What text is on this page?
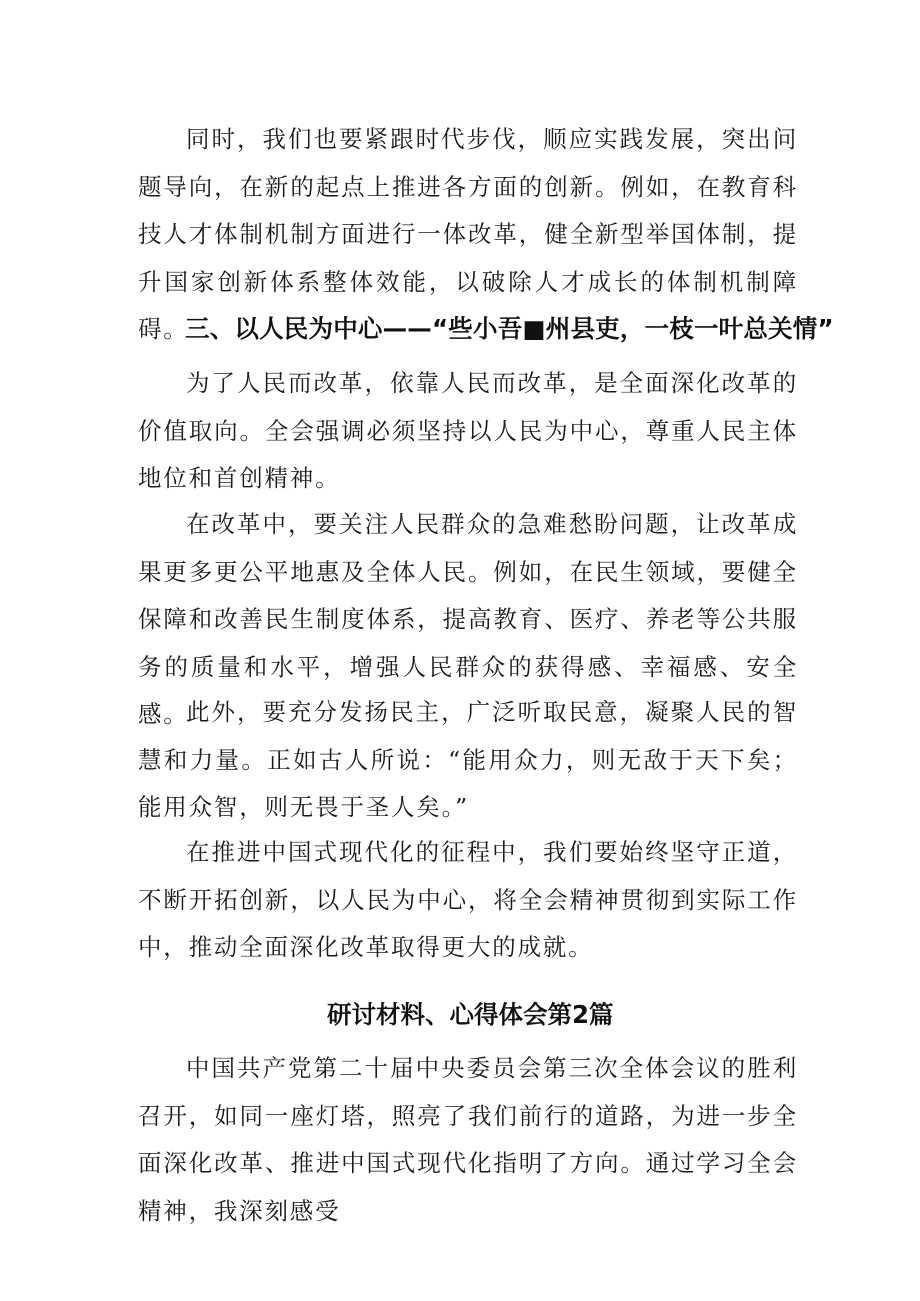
同时，我们也要紧跟时代步伐，顺应实践发展，突出问题导向，在新的起点上推进各方面的创新。例如，在教育科技人才体制机制方面进行一体改革，健全新型举国体制，提升国家创新体系整体效能，以破除人才成长的体制机制障碍。

三、以人民为中心——“些小吾■州县吏，一枝一叶总关情”

为了人民而改革，依靠人民而改革，是全面深化改革的价值取向。全会强调必须坚持以人民为中心，尊重人民主体地位和首创精神。

在改革中，要关注人民群众的急难愁盼问题，让改革成果更多更公平地惠及全体人民。例如，在民生领域，要健全保障和改善民生制度体系，提高教育、医疗、养老等公共服务的质量和水平，增强人民群众的获得感、幸福感、安全感。

此外，要充分发扬民主，广泛听取民意，凝聚人民的智慧和力量。正如古人所说：“能用众力，则无敌于天下矣；能用众智，则无畏于圣人矣。”

在推进中国式现代化的征程中，我们要始终坚守正道，不断开拓创新，以人民为中心，将全会精神贯彻到实际工作中，推动全面深化改革取得更大的成就。

研讨材料、心得体会第2篇

中国共产党第二十届中央委员会第三次全体会议的胜利召开，如同一座灯塔，照亮了我们前行的道路，为进一步全面深化改革、推进中国式现代化指明了方向。通过学习全会精神，我深刻感受
